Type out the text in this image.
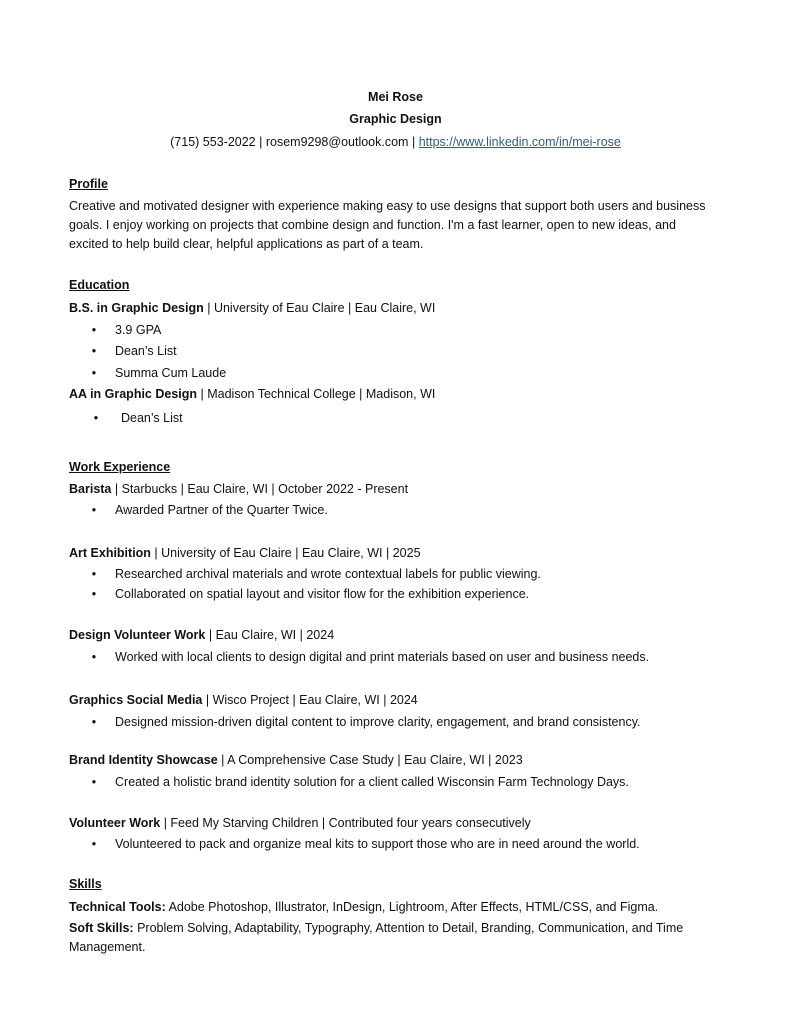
Mei Rose
Graphic Design
(715) 553-2022 | rosem9298@outlook.com | https://www.linkedin.com/in/mei-rose
Profile
Creative and motivated designer with experience making easy to use designs that support both users and business goals. I enjoy working on projects that combine design and function. I'm a fast learner, open to new ideas, and excited to help build clear, helpful applications as part of a team.
Education
B.S. in Graphic Design | University of Eau Claire | Eau Claire, WI
•	3.9 GPA
•	Dean’s List
•	Summa Cum Laude
AA in Graphic Design | Madison Technical College | Madison, WI
•	Dean’s List
Work Experience
Barista | Starbucks | Eau Claire, WI | October 2022 - Present
•	Awarded Partner of the Quarter Twice.
Art Exhibition | University of Eau Claire | Eau Claire, WI | 2025
•	Researched archival materials and wrote contextual labels for public viewing.
•	Collaborated on spatial layout and visitor flow for the exhibition experience.
Design Volunteer Work | Eau Claire, WI | 2024
•	Worked with local clients to design digital and print materials based on user and business needs.
Graphics Social Media | Wisco Project | Eau Claire, WI | 2024
•	Designed mission-driven digital content to improve clarity, engagement, and brand consistency.
Brand Identity Showcase | A Comprehensive Case Study | Eau Claire, WI | 2023
•	Created a holistic brand identity solution for a client called Wisconsin Farm Technology Days.
Volunteer Work | Feed My Starving Children | Contributed four years consecutively
•	Volunteered to pack and organize meal kits to support those who are in need around the world.
Skills
Technical Tools: Adobe Photoshop, Illustrator, InDesign, Lightroom, After Effects, HTML/CSS, and Figma.
Soft Skills: Problem Solving, Adaptability, Typography, Attention to Detail, Branding, Communication, and Time Management.
